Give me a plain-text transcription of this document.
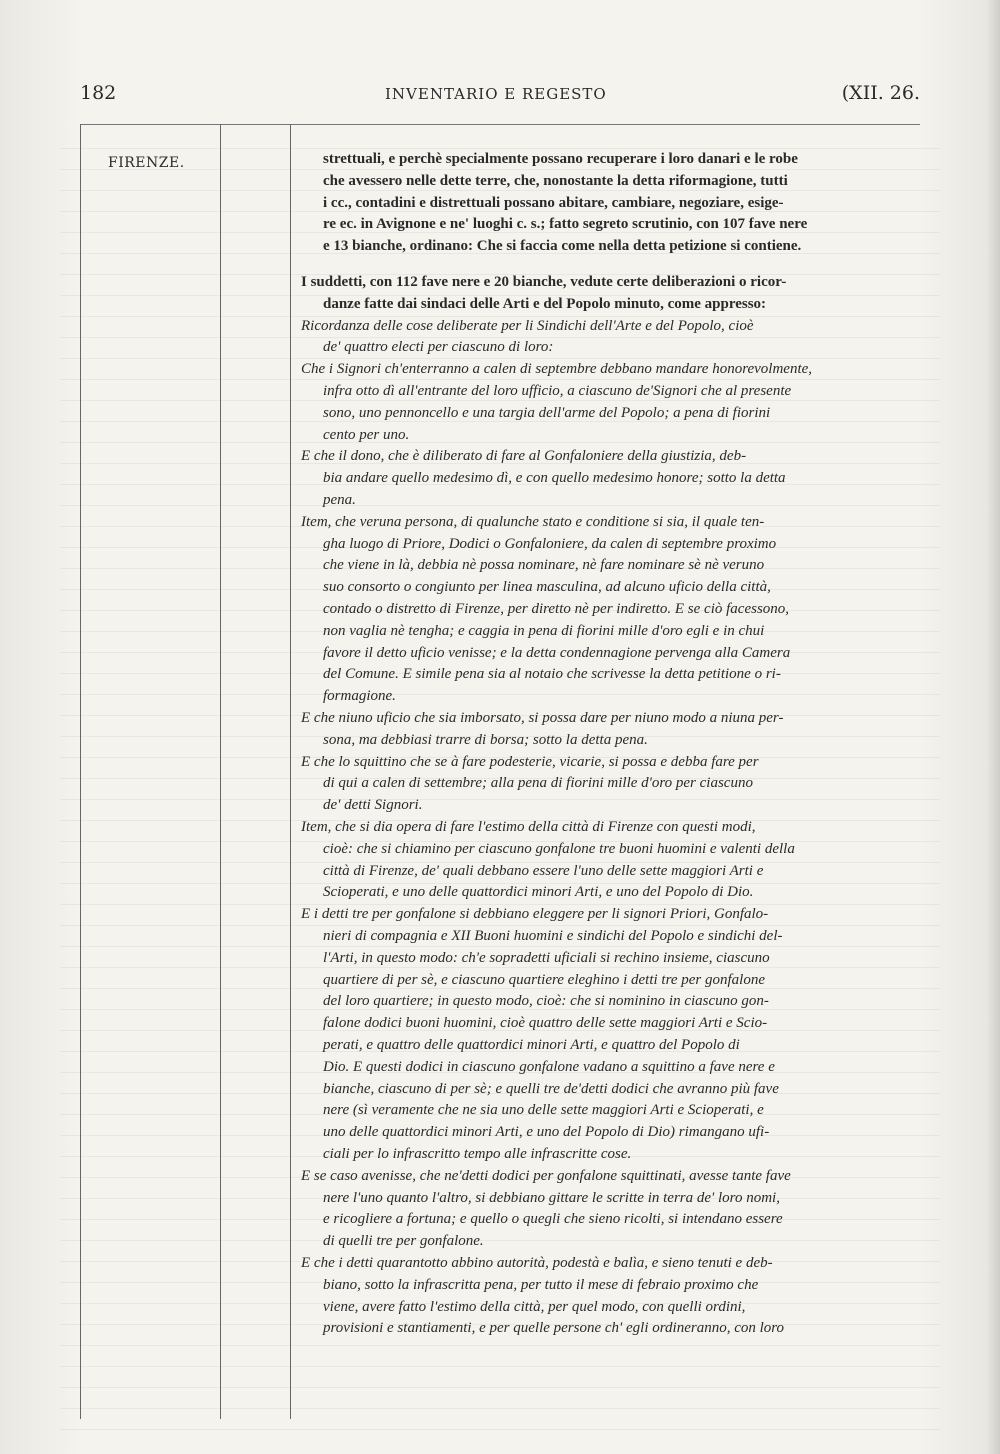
182	INVENTARIO E REGESTO	(XII. 26.
FIRENZE.	strettuali, e perchè specialmente possano recuperare i loro danari e le robe
che avessero nelle dette terre, che, nonostante la detta riformagione, tutti
i cc., contadini e distrettuali possano abitare, cambiare, negoziare, esige-
re ec. in Avignone e ne' luoghi c. s.; fatto segreto scrutinio, con 107 fave nere
e 13 bianche, ordinano: Che si faccia come nella detta petizione si contiene.
I suddetti, con 112 fave nere e 20 bianche, vedute certe deliberazioni o ricor-
danze fatte dai sindaci delle Arti e del Popolo minuto, come appresso:
Ricordanza delle cose deliberate per li Sindichi dell'Arte e del Popolo, cioè
de' quattro electi per ciascuno di loro:
Che i Signori ch'enterranno a calen di septembre debbano mandare honorevolmente,
infra otto dì all'entrante del loro ufficio, a ciascuno de'Signori che al presente
sono, uno pennoncello e una targia dell'arme del Popolo; a pena di fiorini
cento per uno.
E che il dono, che è diliberato di fare al Gonfaloniere della giustizia, deb-
bia andare quello medesimo dì, e con quello medesimo honore; sotto la detta
pena.
Item, che veruna persona, di qualunche stato e conditione si sia, il quale ten-
gha luogo di Priore, Dodici o Gonfaloniere, da calen di septembre proximo
che viene in là, debbia nè possa nominare, nè fare nominare sè nè veruno
suo consorto o congiunto per linea masculina, ad alcuno uficio della città,
contado o distretto di Firenze, per diretto nè per indiretto. E se ciò facessono,
non vaglia nè tengha; e caggia in pena di fiorini mille d'oro egli e in chui
favore il detto uficio venisse; e la detta condennagione pervenga alla Camera
del Comune. E simile pena sia al notaio che scrivesse la detta petitione o ri-
formagione.
E che niuno uficio che sia imborsato, si possa dare per niuno modo a niuna per-
sona, ma debbiasi trarre di borsa; sotto la detta pena.
E che lo squittino che se à fare podesterie, vicarie, si possa e debba fare per
di qui a calen di settembre; alla pena di fiorini mille d'oro per ciascuno
de' detti Signori.
Item, che si dia opera di fare l'estimo della città di Firenze con questi modi,
cioè: che si chiamino per ciascuno gonfalone tre buoni huomini e valenti della
città di Firenze, de' quali debbano essere l'uno delle sette maggiori Arti e
Scioperati, e uno delle quattordici minori Arti, e uno del Popolo di Dio.
E i detti tre per gonfalone si debbiano eleggere per li signori Priori, Gonfalo-
nieri di compagnia e XII Buoni huomini e sindichi del Popolo e sindichi del-
l'Arti, in questo modo: ch'e sopradetti uficiali si rechino insieme, ciascuno
quartiere di per sè, e ciascuno quartiere eleghino i detti tre per gonfalone
del loro quartiere; in questo modo, cioè: che si nominino in ciascuno gon-
falone dodici buoni huomini, cioè quattro delle sette maggiori Arti e Scio-
perati, e quattro delle quattordici minori Arti, e quattro del Popolo di
Dio. E questi dodici in ciascuno gonfalone vadano a squittino a fave nere e
bianche, ciascuno di per sè; e quelli tre de'detti dodici che avranno più fave
nere (sì veramente che ne sia uno delle sette maggiori Arti e Scioperati, e
uno delle quattordici minori Arti, e uno del Popolo di Dio) rimangano ufi-
ciali per lo infrascritto tempo alle infrascritte cose.
E se caso avenisse, che ne'detti dodici per gonfalone squittinati, avesse tante fave
nere l'uno quanto l'altro, si debbiano gittare le scritte in terra de' loro nomi,
e ricogliere a fortuna; e quello o quegli che sieno ricolti, si intendano essere
di quelli tre per gonfalone.
E che i detti quarantotto abbino autorità, podestà e balìa, e sieno tenuti e deb-
biano, sotto la infrascritta pena, per tutto il mese di febraio proximo che
viene, avere fatto l'estimo della città, per quel modo, con quelli ordini,
provisioni e stantiamenti, e per quelle persone ch' egli ordineranno, con loro
